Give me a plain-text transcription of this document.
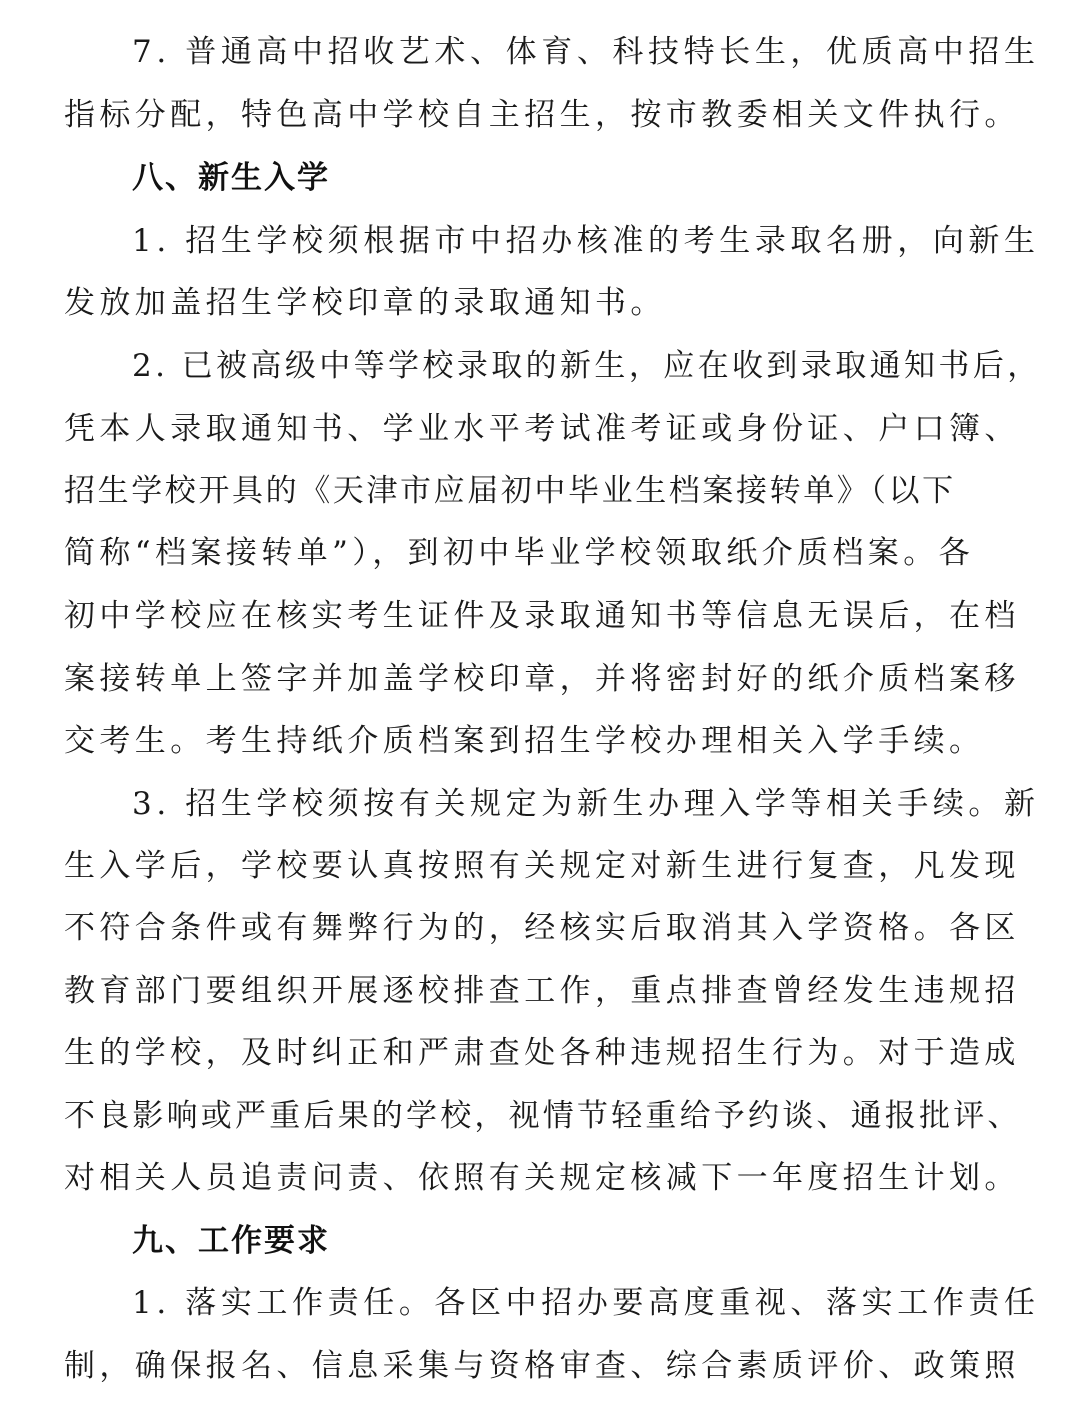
7. 普通高中招收艺术、体育、科技特长生，优质高中招生
指标分配，特色高中学校自主招生，按市教委相关文件执行。
八、新生入学
1. 招生学校须根据市中招办核准的考生录取名册，向新生
发放加盖招生学校印章的录取通知书。
2. 已被高级中等学校录取的新生，应在收到录取通知书后，
凭本人录取通知书、学业水平考试准考证或身份证、户口簿、
招生学校开具的《天津市应届初中毕业生档案接转单》（以下
简称“档案接转单”），到初中毕业学校领取纸介质档案。各
初中学校应在核实考生证件及录取通知书等信息无误后，在档
案接转单上签字并加盖学校印章，并将密封好的纸介质档案移
交考生。考生持纸介质档案到招生学校办理相关入学手续。
3. 招生学校须按有关规定为新生办理入学等相关手续。新
生入学后，学校要认真按照有关规定对新生进行复查，凡发现
不符合条件或有舞弊行为的，经核实后取消其入学资格。各区
教育部门要组织开展逐校排查工作，重点排查曾经发生违规招
生的学校，及时纠正和严肃查处各种违规招生行为。对于造成
不良影响或严重后果的学校，视情节轻重给予约谈、通报批评、
对相关人员追责问责、依照有关规定核减下一年度招生计划。
九、工作要求
1. 落实工作责任。各区中招办要高度重视、落实工作责任
制，确保报名、信息采集与资格审查、综合素质评价、政策照
